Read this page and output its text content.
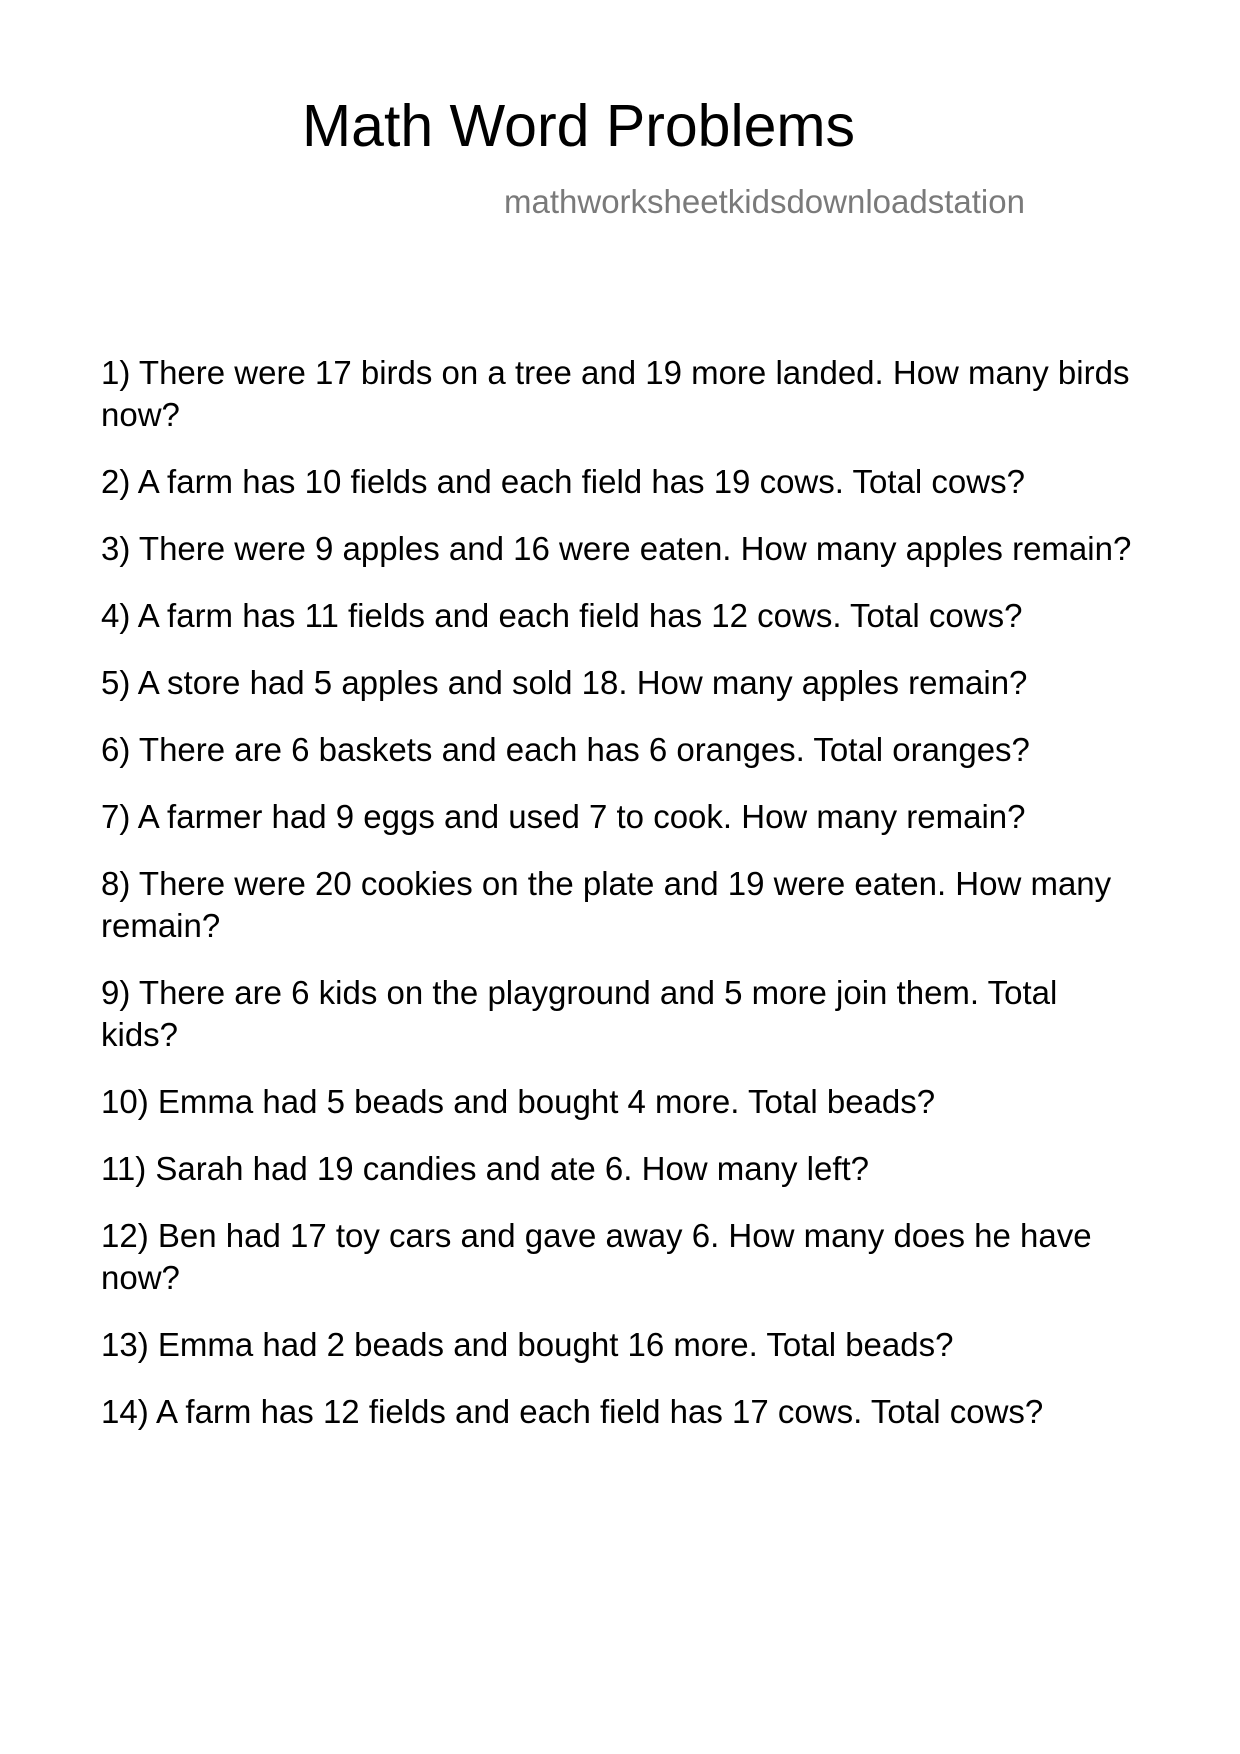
Math Word Problems
mathworksheetkidsdownloadstation
1) There were 17 birds on a tree and 19 more landed. How many birds now?
2) A farm has 10 fields and each field has 19 cows. Total cows?
3) There were 9 apples and 16 were eaten. How many apples remain?
4) A farm has 11 fields and each field has 12 cows. Total cows?
5) A store had 5 apples and sold 18. How many apples remain?
6) There are 6 baskets and each has 6 oranges. Total oranges?
7) A farmer had 9 eggs and used 7 to cook. How many remain?
8) There were 20 cookies on the plate and 19 were eaten. How many remain?
9) There are 6 kids on the playground and 5 more join them. Total kids?
10) Emma had 5 beads and bought 4 more. Total beads?
11) Sarah had 19 candies and ate 6. How many left?
12) Ben had 17 toy cars and gave away 6. How many does he have now?
13) Emma had 2 beads and bought 16 more. Total beads?
14) A farm has 12 fields and each field has 17 cows. Total cows?
